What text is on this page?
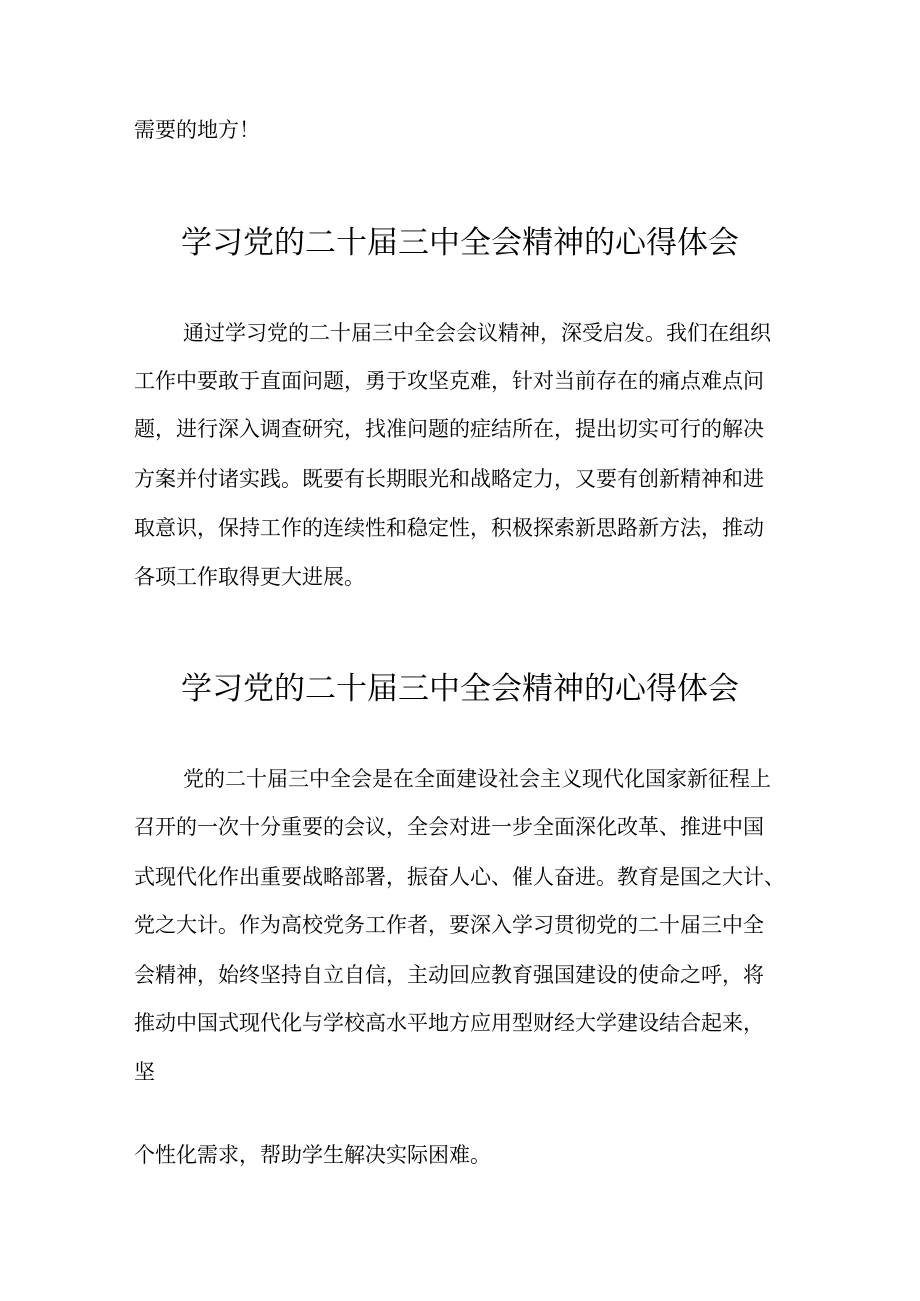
需要的地方！

学习党的二十届三中全会精神的心得体会

通过学习党的二十届三中全会会议精神，深受启发。我们在组织

工作中要敢于直面问题，勇于攻坚克难，针对当前存在的痛点难点问

题，进行深入调查研究，找准问题的症结所在，提出切实可行的解决

方案并付诸实践。既要有长期眼光和战略定力，又要有创新精神和进

取意识，保持工作的连续性和稳定性，积极探索新思路新方法，推动

各项工作取得更大进展。

学习党的二十届三中全会精神的心得体会

党的二十届三中全会是在全面建设社会主义现代化国家新征程上

召开的一次十分重要的会议，全会对进一步全面深化改革、推进中国

式现代化作出重要战略部署，振奋人心、催人奋进。教育是国之大计、

党之大计。作为高校党务工作者，要深入学习贯彻党的二十届三中全

会精神，始终坚持自立自信，主动回应教育强国建设的使命之呼，将

推动中国式现代化与学校高水平地方应用型财经大学建设结合起来，

坚

个性化需求，帮助学生解决实际困难。
